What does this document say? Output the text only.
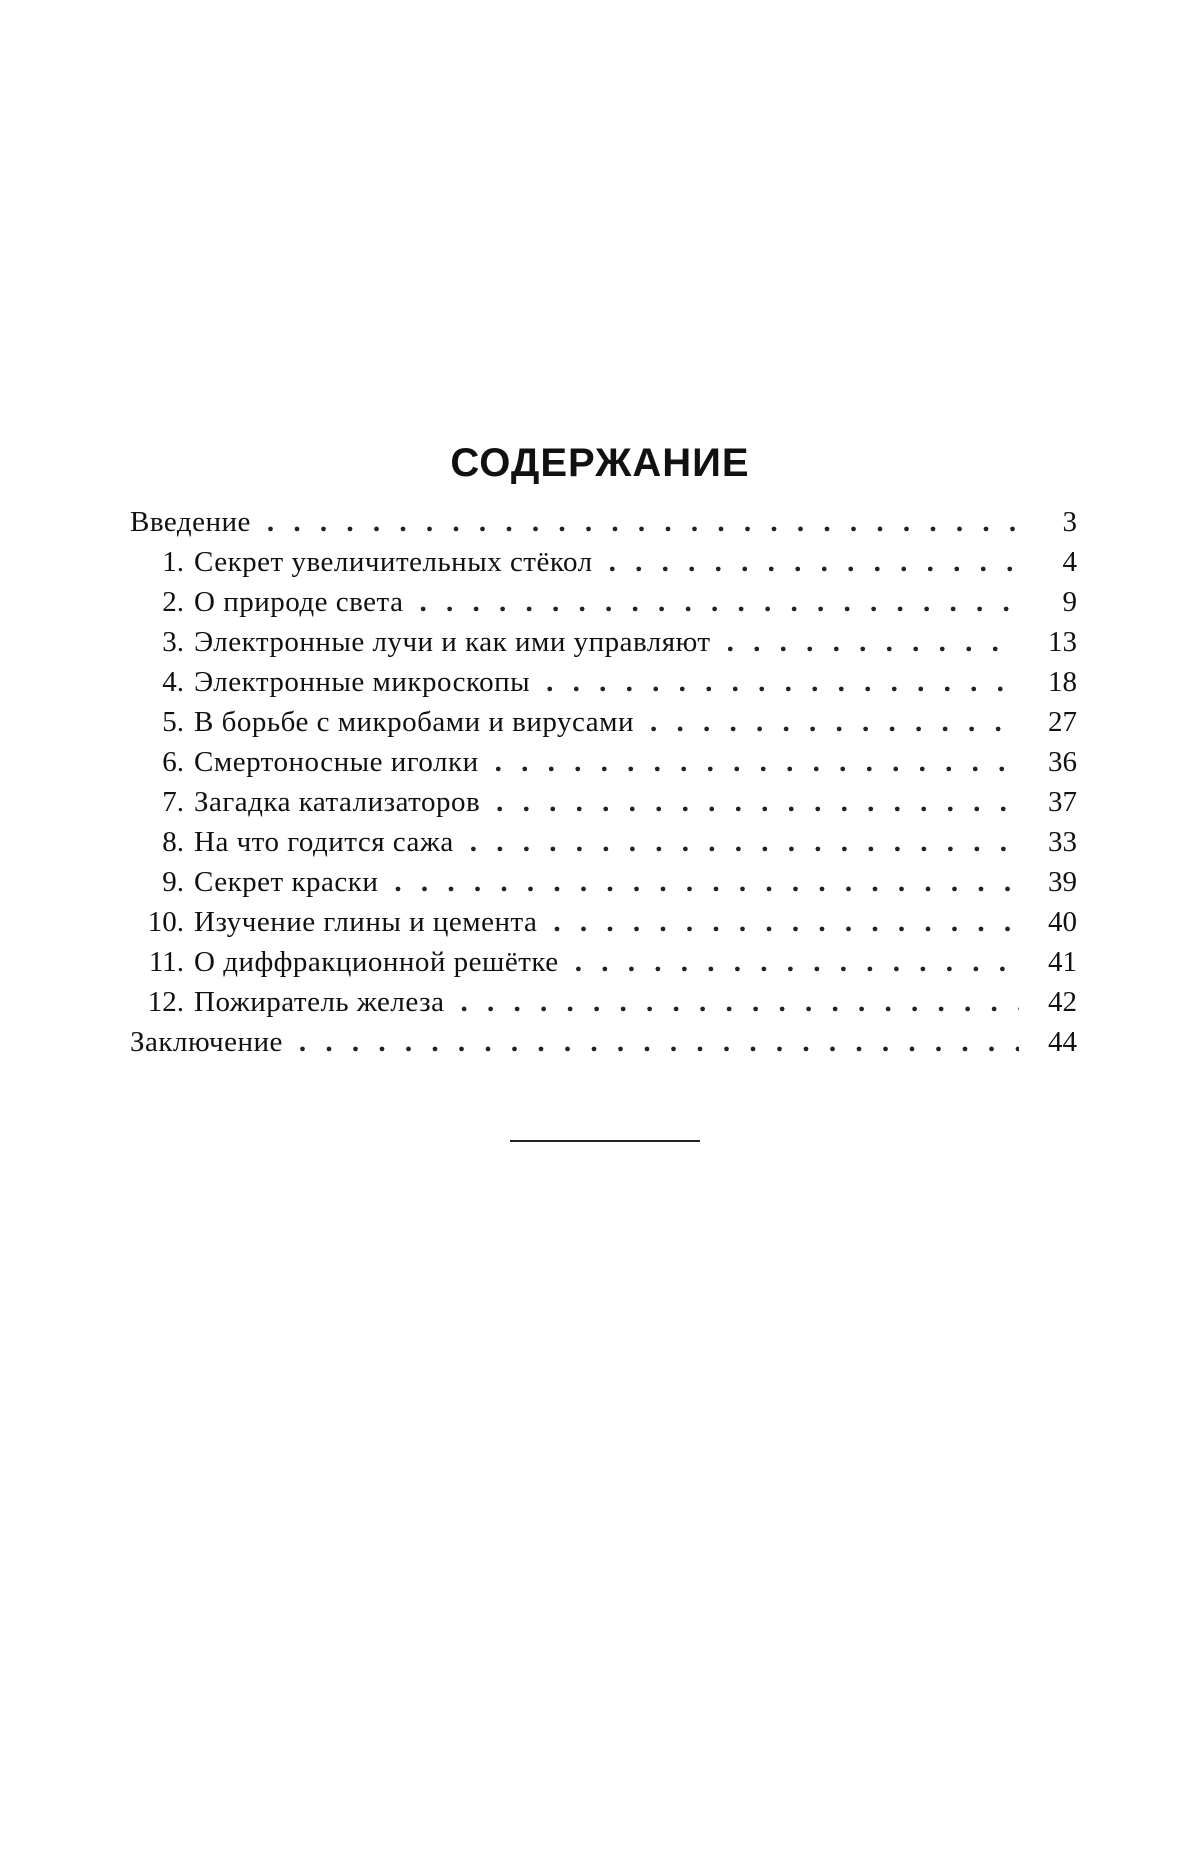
СОДЕРЖАНИЕ
Введение . . .	3
1. Секрет увеличительных стёкол . . .	4
2. О природе света . . .	9
3. Электронные лучи и как ими управляют . . .	13
4. Электронные микроскопы . . .	18
5. В борьбе с микробами и вирусами . . .	27
6. Смертоносные иголки . . .	36
7. Загадка катализаторов . . .	37
8. На что годится сажа . . .	33
9. Секрет краски . . .	39
10. Изучение глины и цемента . . .	40
11. О диффракционной решётке . . .	41
12. Пожиратель железа . . .	42
Заключение . . .	44
